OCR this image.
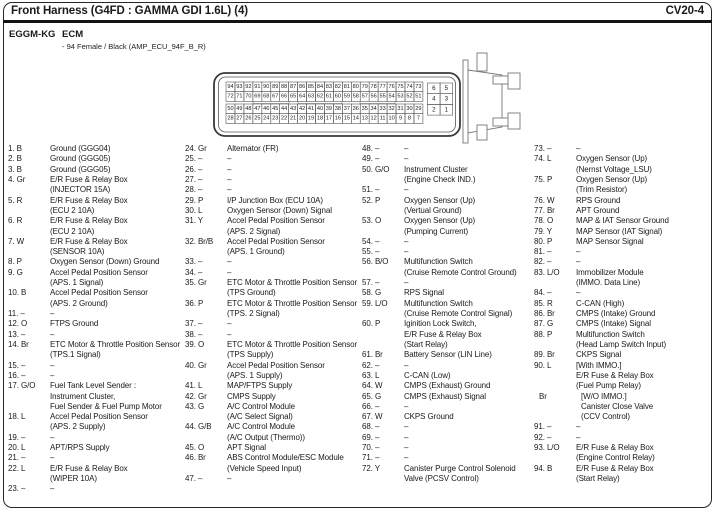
Front Harness (G4FD : GAMMA GDI 1.6L) (4)	CV20-4
EGGM-KG ECM
- 94 Female / Black (AMP_ECU_94F_B_R)
94 93 92 91 90 89 88 87 86 85 84 83 82 81 80 79 78 77 76 75 74 73
72 71 70 69 68 67 66 65 64 63 62 61 60 59 58 57 56 55 54 53 52 51
50 49 48 47 46 45 44 43 42 41 40 39 38 37 36 35 34 33 32 31 30 29
28 27 26 25 24 23 22 21 20 19 18 17 16 15 14 13 12 11 10 9 8 7
6 5
4 3
2 1
1. B	Ground (GGG04)
2. B	Ground (GGG05)
3. B	Ground (GGG05)
4. Gr	E/R Fuse & Relay Box
(INJECTOR 15A)
5. R	E/R Fuse & Relay Box
(ECU 2 10A)
6. R	E/R Fuse & Relay Box
(ECU 2 10A)
7. W	E/R Fuse & Relay Box
(SENSOR 10A)
8. P	Oxygen Sensor (Down) Ground
9. G	Accel Pedal Position Sensor
(APS. 1 Signal)
10. B	Accel Pedal Position Sensor
(APS. 2 Ground)
11. –	–
12. O	FTPS Ground
13. –	–
14. Br	ETC Motor & Throttle Position Sensor
(TPS.1 Signal)
15. –	–
16. –	–
17. G/O	Fuel Tank Level Sender :
Instrument Cluster,
Fuel Sender & Fuel Pump Motor
18. L	Accel Pedal Position Sensor
(APS. 2 Supply)
19. –	–
20. L	APT/RPS Supply
21. –	–
22. L	E/R Fuse & Relay Box
(WIPER 10A)
23. –	–
24. Gr	Alternator (FR)
25. –	–
26. –	–
27. –	–
28. –	–
29. P	I/P Junction Box (ECU 10A)
30. L	Oxygen Sensor (Down) Signal
31. Y	Accel Pedal Position Sensor
(APS. 2 Signal)
32. Br/B	Accel Pedal Position Sensor
(APS. 1 Ground)
33. –	–
34. –	–
35. Gr	ETC Motor & Throttle Position Sensor
(TPS Ground)
36. P	ETC Motor & Throttle Position Sensor
(TPS. 2 Signal)
37. –	–
38. –	–
39. O	ETC Motor & Throttle Position Sensor
(TPS Supply)
40. Gr	Accel Pedal Position Sensor
(APS. 1 Supply)
41. L	MAP/FTPS Supply
42. Gr	CMPS Supply
43. G	A/C Control Module
(A/C Select Signal)
44. G/B	A/C Control Module
(A/C Output (Thermo))
45. O	APT Signal
46. Br	ABS Control Module/ESC Module
(Vehicle Speed Input)
47. –	–
48. –	–
49. –	–
50. G/O	Instrument Cluster
(Engine Check IND.)
51. –	–
52. P	Oxygen Sensor (Up)
(Vertual Ground)
53. O	Oxygen Sensor (Up)
(Pumping Current)
54. –	–
55. –	–
56. B/O	Multifunction Switch
(Cruise Remote Control Ground)
57. –	–
58. G	RPS Signal
59. L/O	Multifunction Switch
(Cruise Remote Control Signal)
60. P	Iginition Lock Switch,
E/R Fuse & Relay Box
(Start Relay)
61. Br	Battery Sensor (LIN Line)
62. –	–
63. L	C-CAN (Low)
64. W	CMPS (Exhaust) Ground
65. G	CMPS (Exhaust) Signal
66. –	–
67. W	CKPS Ground
68. –	–
69. –	–
70. –	–
71. –	–
72. Y	Canister Purge Control Solenoid
Valve (PCSV Control)
73. –	–
74. L	Oxygen Sensor (Up)
(Nernst Voltage_LSU)
75. P	Oxygen Sensor (Up)
(Trim Resistor)
76. W	RPS Ground
77. Br	APT Ground
78. O	MAP & IAT Sensor Ground
79. Y	MAP Sensor (IAT Signal)
80. P	MAP Sensor Signal
81. –	–
82. –	–
83. L/O	Immobilizer Module
(IMMO. Data Line)
84. –	–
85. R	C-CAN (High)
86. Br	CMPS (Intake) Ground
87. G	CMPS (Intake) Signal
88. P	Multifunction Switch
(Head Lamp Switch Input)
89. Br	CKPS Signal
90. L	[With IMMO.]
E/R Fuse & Relay Box
(Fuel Pump Relay)
Br	[W/O IMMO.]
Canister Close Valve
(CCV Control)
91. –	–
92. –	–
93. L/O	E/R Fuse & Relay Box
(Engine Control Relay)
94. B	E/R Fuse & Relay Box
(Start Relay)
